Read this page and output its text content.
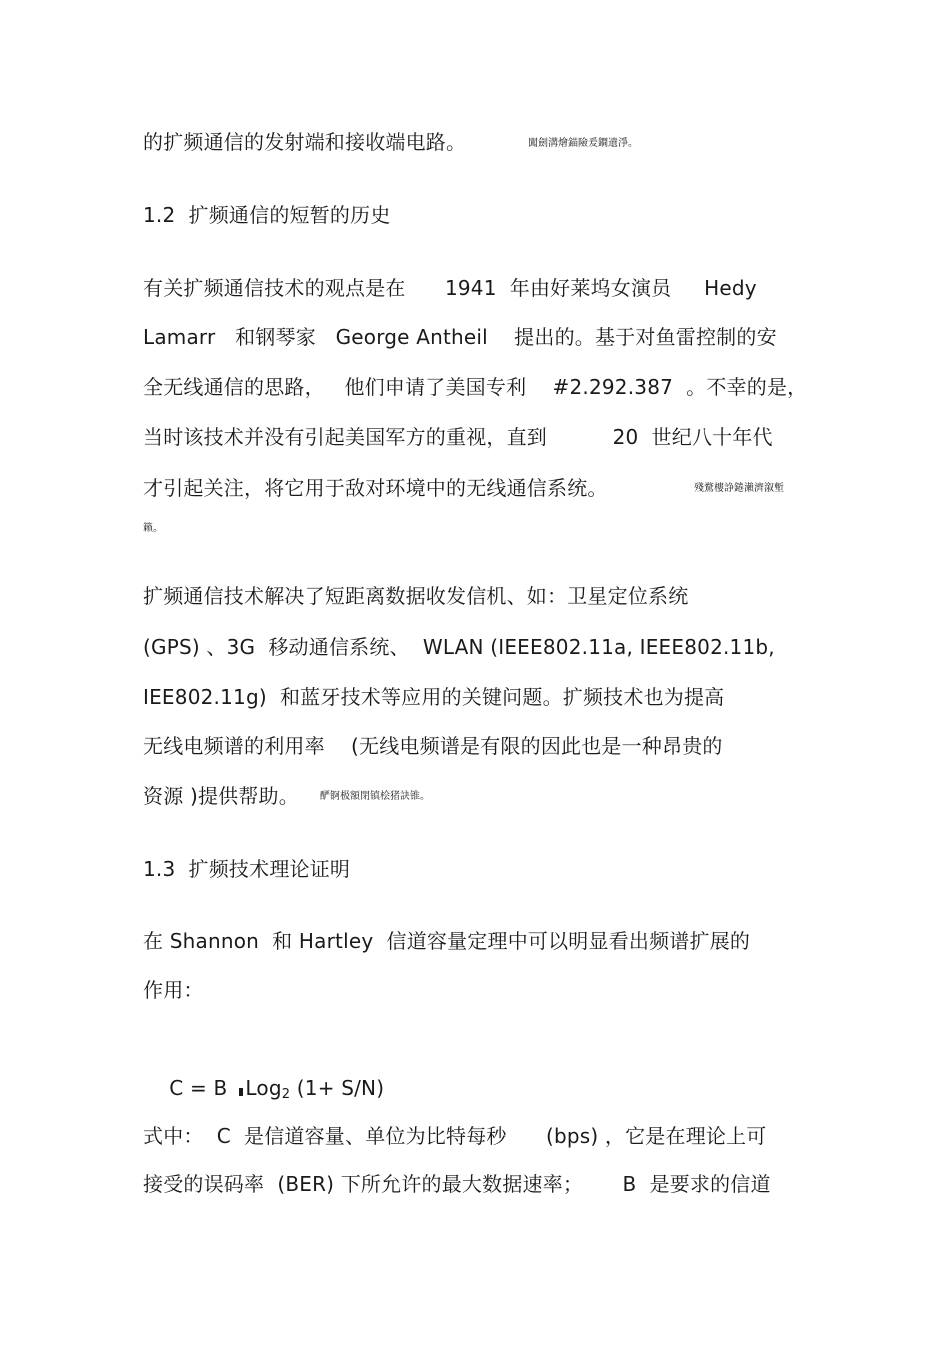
的扩频通信的发射端和接收端电路。	闖劍溝燴錨險爰鐧遺淨。
1.2  扩频通信的短暂的历史
有关扩频通信技术的观点是在      1941  年由好莱坞女演员     Hedy
Lamarr   和钢琴家   George Antheil    提出的。基于对鱼雷控制的安
全无线通信的思路，   他们申请了美国专利    #2.292.387  。不幸的是，
当时该技术并没有引起美国军方的重视，直到          20  世纪八十年代
才引起关注，将它用于敌对环境中的无线通信系统。	殘騖樓諍錈瀨濟溆塹
籟。
扩频通信技术解决了短距离数据收发信机、如：卫星定位系统
(GPS) 、3G  移动通信系统、  WLAN (IEEE802.11a, IEEE802.11b,
IEE802.11g)  和蓝牙技术等应用的关键问题。扩频技术也为提高
无线电频谱的利用率    (无线电频谱是有限的因此也是一种昂贵的
资源 )提供帮助。 酽锕极額閉镇桧猪訣锥。
1.3  扩频技术理论证明
在 Shannon  和 Hartley  信道容量定理中可以明显看出频谱扩展的
作用：

C = B Log$_2$ (1+ S/N)

式中：  C  是信道容量、单位为比特每秒      (bps) ，它是在理论上可
接受的误码率  (BER) 下所允许的最大数据速率；      B  是要求的信道
